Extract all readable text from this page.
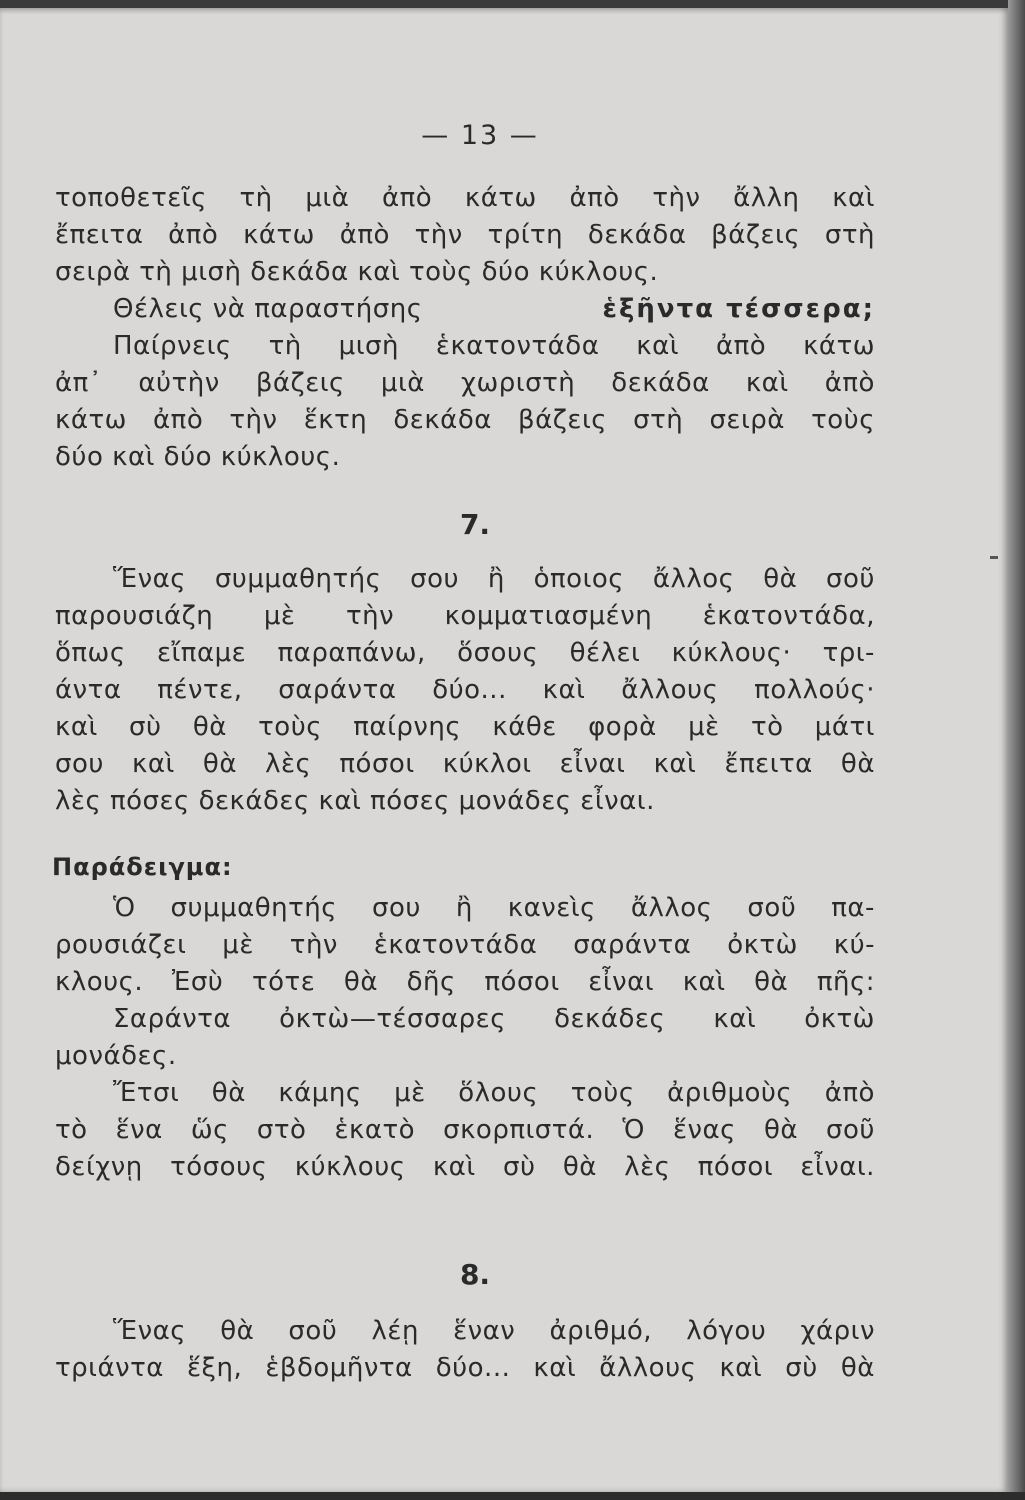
— 13 —
τοποθετεῖς τὴ μιὰ ἀπὸ κάτω ἀπὸ τὴν ἄλλη καὶ
ἔπειτα ἀπὸ κάτω ἀπὸ τὴν τρίτη δεκάδα βάζεις στὴ
σειρὰ τὴ μισὴ δεκάδα καὶ τοὺς δύο κύκλους.
Θέλεις νὰ παραστήσης	ἑξῆντα τέσσερα;
Παίρνεις τὴ μισὴ ἑκατοντάδα καὶ ἀπὸ κάτω
ἀπ᾽ αὐτὴν βάζεις μιὰ χωριστὴ δεκάδα καὶ ἀπὸ
κάτω ἀπὸ τὴν ἕκτη δεκάδα βάζεις στὴ σειρὰ τοὺς
δύο καὶ δύο κύκλους.
7.
Ἕνας συμμαθητής σου ἢ ὁποιος ἄλλος θὰ σοῦ
παρουσιάζη μὲ τὴν κομματιασμένη ἑκατοντάδα,
ὅπως εἴπαμε παραπάνω, ὅσους θέλει κύκλους· τρι-
άντα πέντε, σαράντα δύο... καὶ ἄλλους πολλούς·
καὶ σὺ θὰ τοὺς παίρνης κάθε φορὰ μὲ τὸ μάτι
σου καὶ θὰ λὲς πόσοι κύκλοι εἶναι καὶ ἔπειτα θὰ
λὲς πόσες δεκάδες καὶ πόσες μονάδες εἶναι.
Παράδειγμα:
Ὁ συμμαθητής σου ἢ κανεὶς ἄλλος σοῦ πα-
ρουσιάζει μὲ τὴν ἑκατοντάδα σαράντα ὀκτὼ κύ-
κλους. Ἐσὺ τότε θὰ δῆς πόσοι εἶναι καὶ θὰ πῆς:
Σαράντα ὀκτὼ—τέσσαρες δεκάδες καὶ ὀκτὼ
μονάδες.
Ἔτσι θὰ κάμης μὲ ὅλους τοὺς ἀριθμοὺς ἀπὸ
τὸ ἕνα ὥς στὸ ἑκατὸ σκορπιστά. Ὁ ἕνας θὰ σοῦ
δείχνῃ τόσους κύκλους καὶ σὺ θὰ λὲς πόσοι εἶναι.
8.
Ἕνας θὰ σοῦ λέῃ ἕναν ἀριθμό, λόγου χάριν
τριάντα ἕξη, ἑβδομῆντα δύο... καὶ ἄλλους καὶ σὺ θὰ
